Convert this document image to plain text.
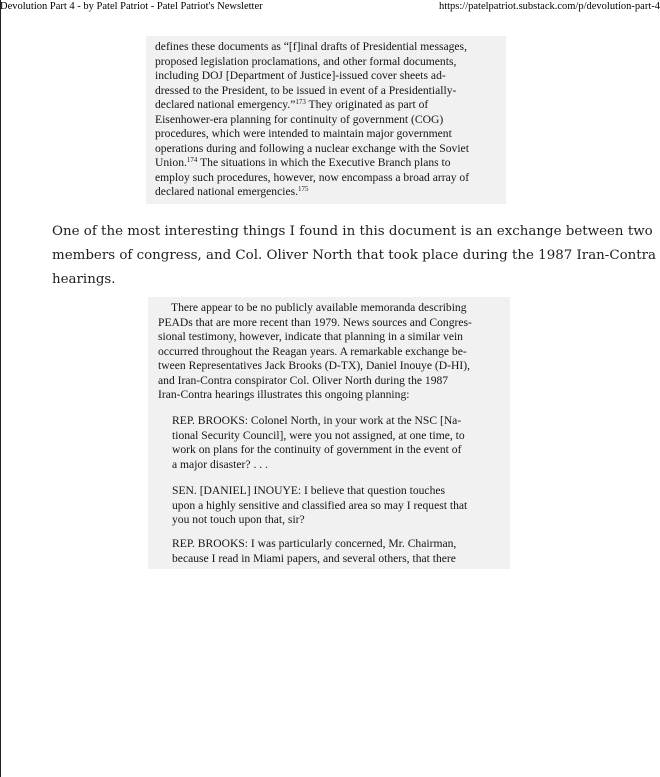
Devolution Part 4 - by Patel Patriot - Patel Patriot's Newsletter	https://patelpatriot.substack.com/p/devolution-part-4
defines these documents as “[f]inal drafts of Presidential messages,
proposed legislation proclamations, and other formal documents,
including DOJ [Department of Justice]-issued cover sheets ad-
dressed to the President, to be issued in event of a Presidentially-
declared national emergency.”$^{173}$ They originated as part of
Eisenhower-era planning for continuity of government (COG)
procedures, which were intended to maintain major government
operations during and following a nuclear exchange with the Soviet
Union.$^{174}$ The situations in which the Executive Branch plans to
employ such procedures, however, now encompass a broad array of
declared national emergencies.$^{175}$

One of the most interesting things I found in this document is an exchange between two
members of congress, and Col. Oliver North that took place during the 1987 Iran-Contra
hearings.

There appear to be no publicly available memoranda describing
PEADs that are more recent than 1979. News sources and Congres-
sional testimony, however, indicate that planning in a similar vein
occurred throughout the Reagan years. A remarkable exchange be-
tween Representatives Jack Brooks (D-TX), Daniel Inouye (D-HI),
and Iran-Contra conspirator Col. Oliver North during the 1987
Iran-Contra hearings illustrates this ongoing planning:
REP. BROOKS: Colonel North, in your work at the NSC [Na-
tional Security Council], were you not assigned, at one time, to
work on plans for the continuity of government in the event of
a major disaster? . . .
SEN. [DANIEL] INOUYE: I believe that question touches
upon a highly sensitive and classified area so may I request that
you not touch upon that, sir?
REP. BROOKS: I was particularly concerned, Mr. Chairman,
because I read in Miami papers, and several others, that there
